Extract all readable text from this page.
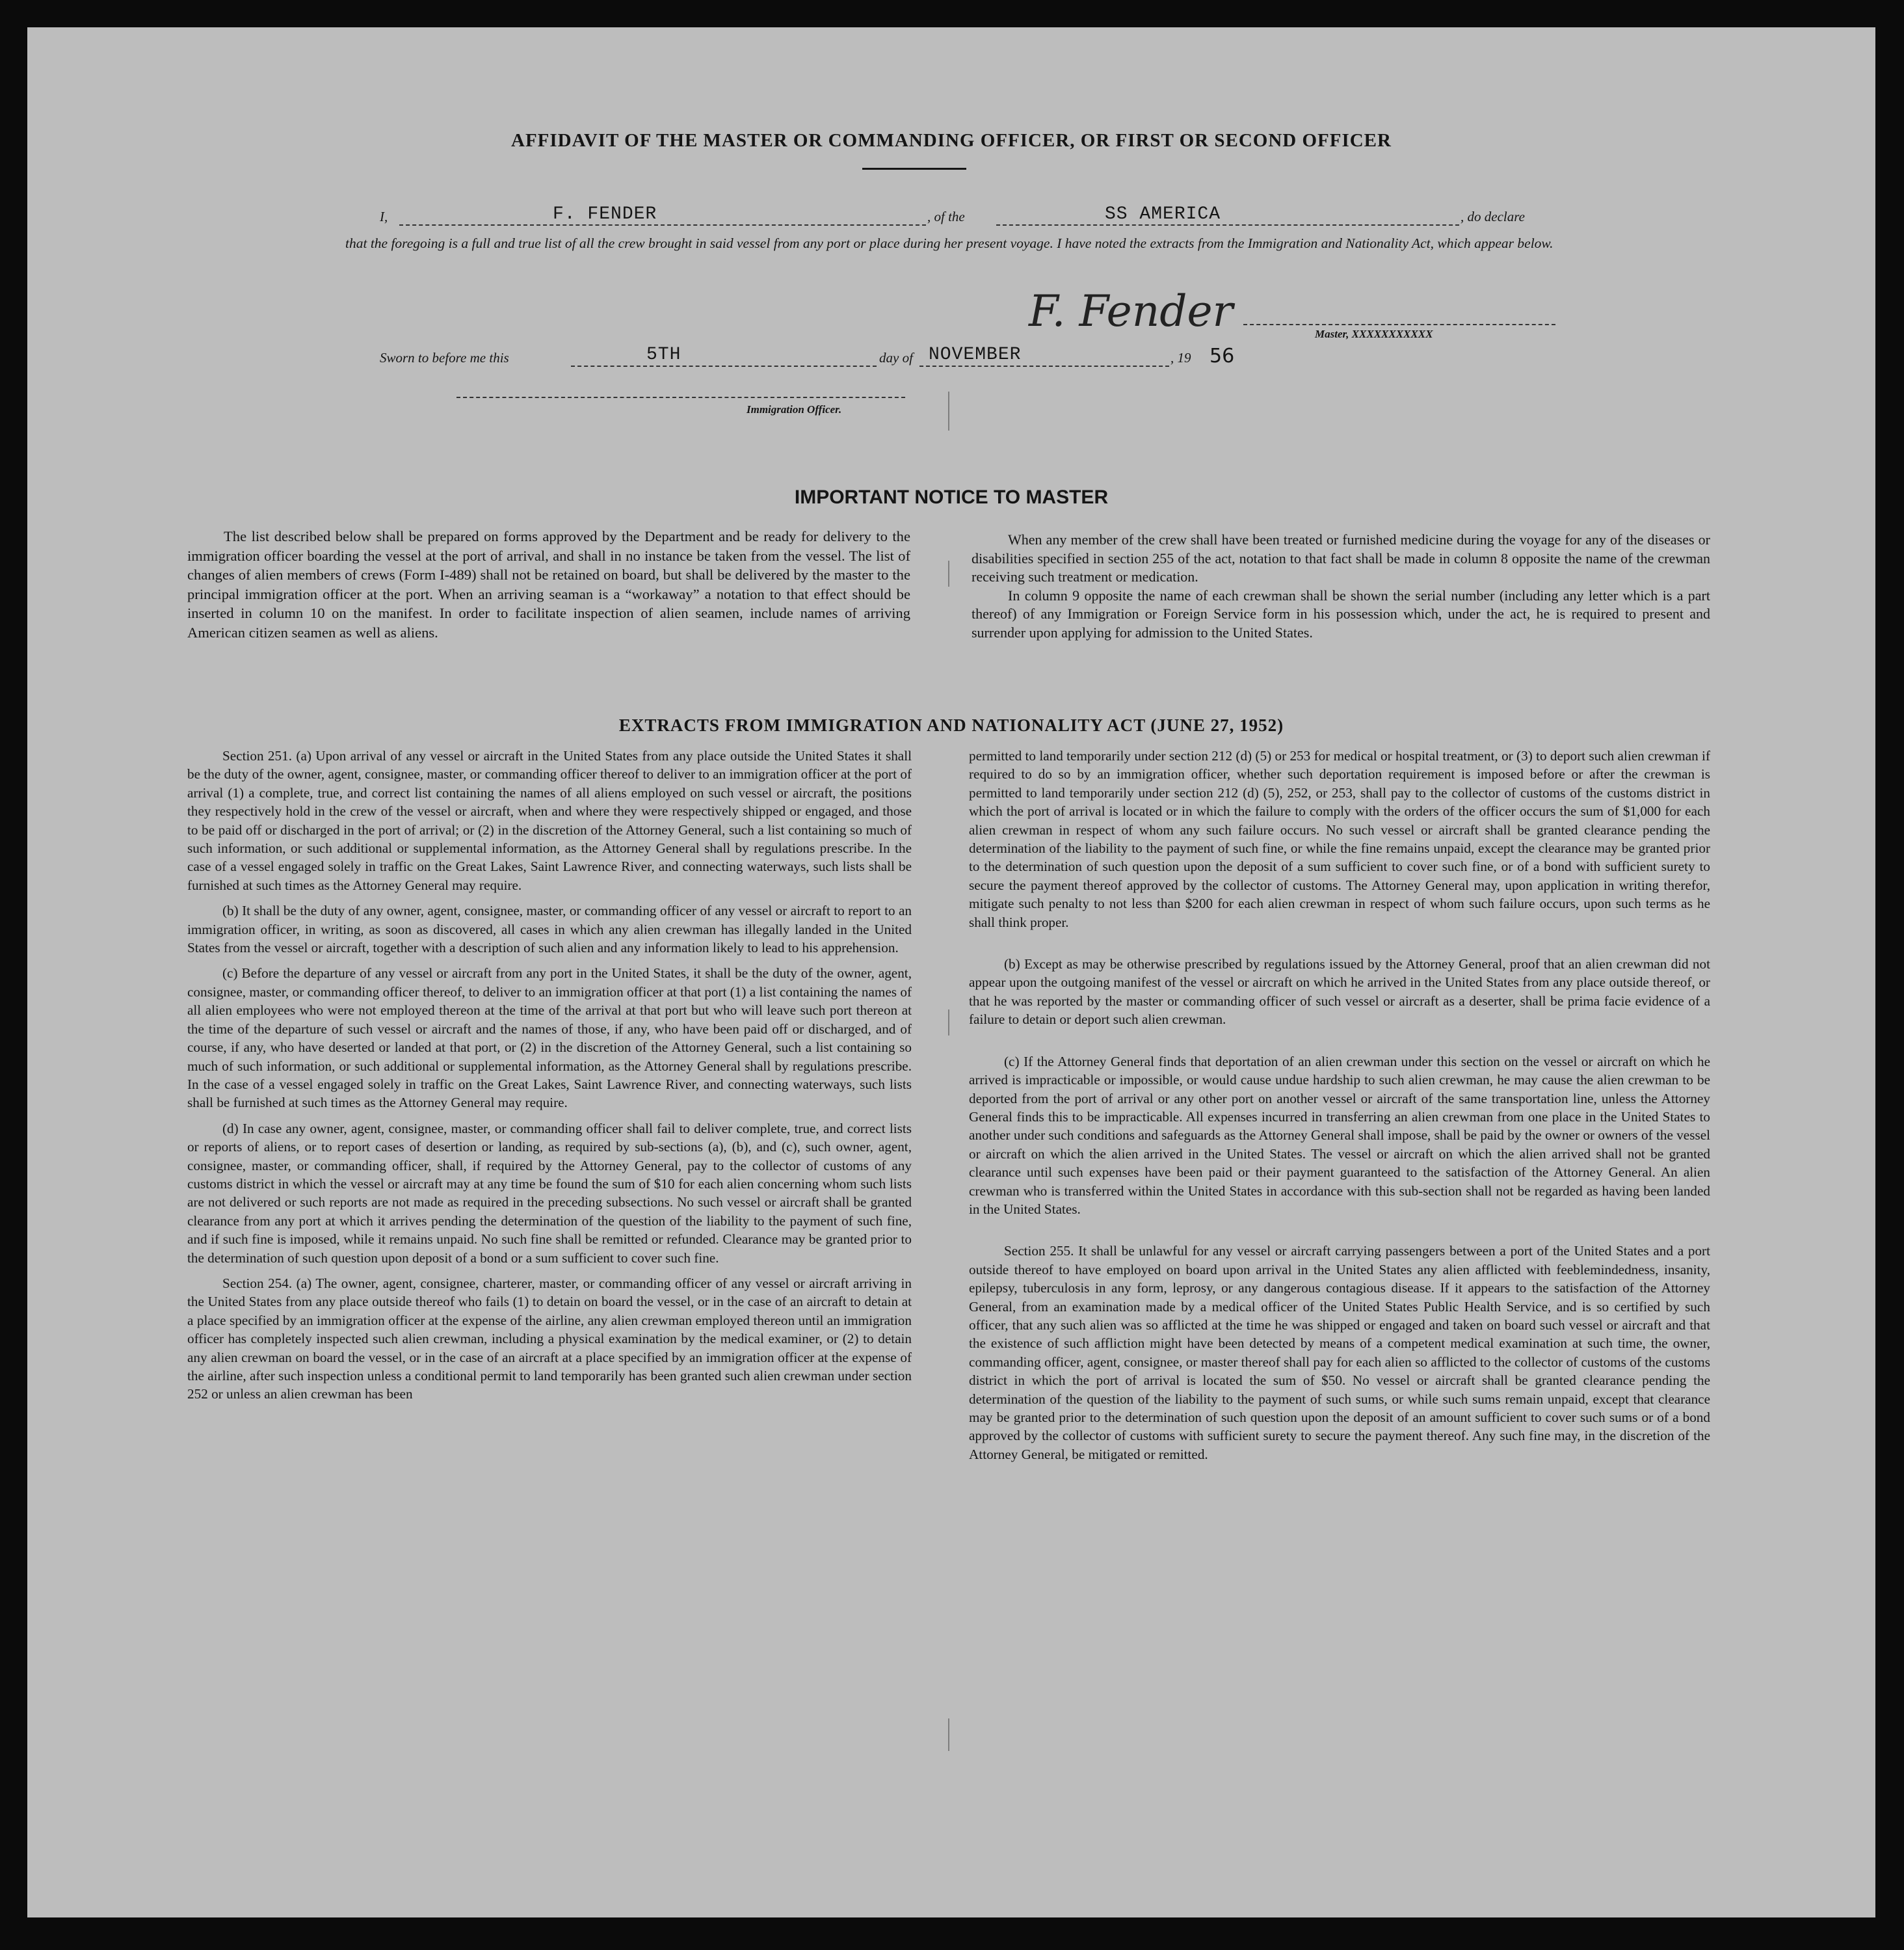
AFFIDAVIT OF THE MASTER OR COMMANDING OFFICER, OR FIRST OR SECOND OFFICER
I,	F. FENDER	, of the	SS AMERICA	, do declare
that the foregoing is a full and true list of all the crew brought in said vessel from any port or place during her present voyage. I have noted the extracts from the Immigration and Nationality Act, which appear below.
F. Fender	Master, XXXXXXXXXXX
Sworn to before me this	5TH	day of NOVEMBER	, 19 56
Immigration Officer.
IMPORTANT NOTICE TO MASTER

The list described below shall be prepared on forms approved by the Department and be ready for delivery to the immigration officer boarding the vessel at the port of arrival, and shall in no instance be taken from the vessel. The list of changes of alien members of crews (Form I-489) shall not be retained on board, but shall be delivered by the master to the principal immigration officer at the port. When an arriving seaman is a “workaway” a notation to that effect should be inserted in column 10 on the manifest. In order to facilitate inspection of alien seamen, include names of arriving American citizen seamen as well as aliens.

When any member of the crew shall have been treated or furnished medicine during the voyage for any of the diseases or disabilities specified in section 255 of the act, notation to that fact shall be made in column 8 opposite the name of the crewman receiving such treatment or medication.

In column 9 opposite the name of each crewman shall be shown the serial number (including any letter which is a part thereof) of any Immigration or Foreign Service form in his possession which, under the act, he is required to present and surrender upon applying for admission to the United States.

EXTRACTS FROM IMMIGRATION AND NATIONALITY ACT (JUNE 27, 1952)

Section 251. (a) Upon arrival of any vessel or aircraft in the United States from any place outside the United States it shall be the duty of the owner, agent, consignee, master, or commanding officer thereof to deliver to an immigration officer at the port of arrival (1) a complete, true, and correct list containing the names of all aliens employed on such vessel or aircraft, the positions they respectively hold in the crew of the vessel or aircraft, when and where they were respectively shipped or engaged, and those to be paid off or discharged in the port of arrival; or (2) in the discretion of the Attorney General, such a list containing so much of such information, or such additional or supplemental information, as the Attorney General shall by regulations prescribe. In the case of a vessel engaged solely in traffic on the Great Lakes, Saint Lawrence River, and connecting waterways, such lists shall be furnished at such times as the Attorney General may require.

(b) It shall be the duty of any owner, agent, consignee, master, or commanding officer of any vessel or aircraft to report to an immigration officer, in writing, as soon as discovered, all cases in which any alien crewman has illegally landed in the United States from the vessel or aircraft, together with a description of such alien and any information likely to lead to his apprehension.

(c) Before the departure of any vessel or aircraft from any port in the United States, it shall be the duty of the owner, agent, consignee, master, or commanding officer thereof, to deliver to an immigration officer at that port (1) a list containing the names of all alien employees who were not employed thereon at the time of the arrival at that port but who will leave such port thereon at the time of the departure of such vessel or aircraft and the names of those, if any, who have been paid off or discharged, and of course, if any, who have deserted or landed at that port, or (2) in the discretion of the Attorney General, such a list containing so much of such information, or such additional or supplemental information, as the Attorney General shall by regulations prescribe. In the case of a vessel engaged solely in traffic on the Great Lakes, Saint Lawrence River, and connecting waterways, such lists shall be furnished at such times as the Attorney General may require.

(d) In case any owner, agent, consignee, master, or commanding officer shall fail to deliver complete, true, and correct lists or reports of aliens, or to report cases of desertion or landing, as required by sub-sections (a), (b), and (c), such owner, agent, consignee, master, or commanding officer, shall, if required by the Attorney General, pay to the collector of customs of any customs district in which the vessel or aircraft may at any time be found the sum of $10 for each alien concerning whom such lists are not delivered or such reports are not made as required in the preceding subsections. No such vessel or aircraft shall be granted clearance from any port at which it arrives pending the determination of the question of the liability to the payment of such fine, and if such fine is imposed, while it remains unpaid. No such fine shall be remitted or refunded. Clearance may be granted prior to the determination of such question upon deposit of a bond or a sum sufficient to cover such fine.

Section 254. (a) The owner, agent, consignee, charterer, master, or commanding officer of any vessel or aircraft arriving in the United States from any place outside thereof who fails (1) to detain on board the vessel, or in the case of an aircraft to detain at a place specified by an immigration officer at the expense of the airline, any alien crewman employed thereon until an immigration officer has completely inspected such alien crewman, including a physical examination by the medical examiner, or (2) to detain any alien crewman on board the vessel, or in the case of an aircraft at a place specified by an immigration officer at the expense of the airline, after such inspection unless a conditional permit to land temporarily has been granted such alien crewman under section 252 or unless an alien crewman has been

permitted to land temporarily under section 212 (d) (5) or 253 for medical or hospital treatment, or (3) to deport such alien crewman if required to do so by an immigration officer, whether such deportation requirement is imposed before or after the crewman is permitted to land temporarily under section 212 (d) (5), 252, or 253, shall pay to the collector of customs of the customs district in which the port of arrival is located or in which the failure to comply with the orders of the officer occurs the sum of $1,000 for each alien crewman in respect of whom any such failure occurs. No such vessel or aircraft shall be granted clearance pending the determination of the liability to the payment of such fine, or while the fine remains unpaid, except the clearance may be granted prior to the determination of such question upon the deposit of a sum sufficient to cover such fine, or of a bond with sufficient surety to secure the payment thereof approved by the collector of customs. The Attorney General may, upon application in writing therefor, mitigate such penalty to not less than $200 for each alien crewman in respect of whom such failure occurs, upon such terms as he shall think proper.

(b) Except as may be otherwise prescribed by regulations issued by the Attorney General, proof that an alien crewman did not appear upon the outgoing manifest of the vessel or aircraft on which he arrived in the United States from any place outside thereof, or that he was reported by the master or commanding officer of such vessel or aircraft as a deserter, shall be prima facie evidence of a failure to detain or deport such alien crewman.

(c) If the Attorney General finds that deportation of an alien crewman under this section on the vessel or aircraft on which he arrived is impracticable or impossible, or would cause undue hardship to such alien crewman, he may cause the alien crewman to be deported from the port of arrival or any other port on another vessel or aircraft of the same transportation line, unless the Attorney General finds this to be impracticable. All expenses incurred in transferring an alien crewman from one place in the United States to another under such conditions and safeguards as the Attorney General shall impose, shall be paid by the owner or owners of the vessel or aircraft on which the alien arrived in the United States. The vessel or aircraft on which the alien arrived shall not be granted clearance until such expenses have been paid or their payment guaranteed to the satisfaction of the Attorney General. An alien crewman who is transferred within the United States in accordance with this sub-section shall not be regarded as having been landed in the United States.

Section 255. It shall be unlawful for any vessel or aircraft carrying passengers between a port of the United States and a port outside thereof to have employed on board upon arrival in the United States any alien afflicted with feeblemindedness, insanity, epilepsy, tuberculosis in any form, leprosy, or any dangerous contagious disease. If it appears to the satisfaction of the Attorney General, from an examination made by a medical officer of the United States Public Health Service, and is so certified by such officer, that any such alien was so afflicted at the time he was shipped or engaged and taken on board such vessel or aircraft and that the existence of such affliction might have been detected by means of a competent medical examination at such time, the owner, commanding officer, agent, consignee, or master thereof shall pay for each alien so afflicted to the collector of customs of the customs district in which the port of arrival is located the sum of $50. No vessel or aircraft shall be granted clearance pending the determination of the question of the liability to the payment of such sums, or while such sums remain unpaid, except that clearance may be granted prior to the determination of such question upon the deposit of an amount sufficient to cover such sums or of a bond approved by the collector of customs with sufficient surety to secure the payment thereof. Any such fine may, in the discretion of the Attorney General, be mitigated or remitted.
